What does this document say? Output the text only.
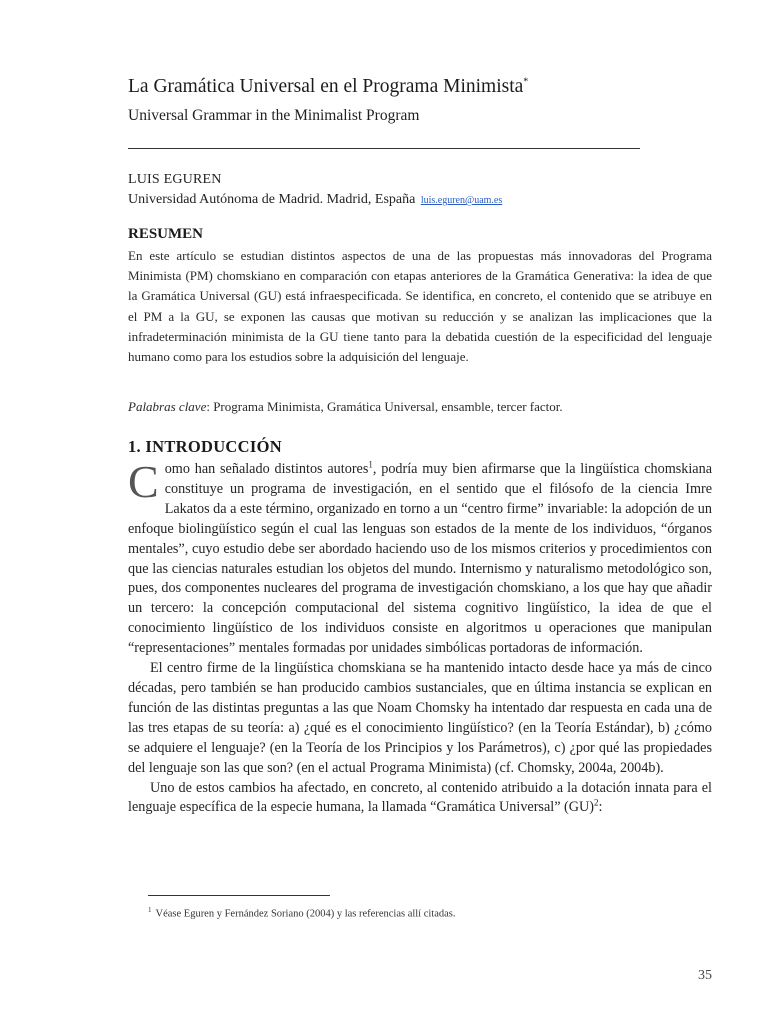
La Gramática Universal en el Programa Minimista*
Universal Grammar in the Minimalist Program
LUIS EGUREN
Universidad Autónoma de Madrid. Madrid, España luis.eguren@uam.es
RESUMEN
En este artículo se estudian distintos aspectos de una de las propuestas más innovadoras del Programa Minimista (PM) chomskiano en comparación con etapas anteriores de la Gramática Generativa: la idea de que la Gramática Universal (GU) está infraespecificada. Se identifica, en concreto, el contenido que se atribuye en el PM a la GU, se exponen las causas que motivan su reducción y se analizan las implicaciones que la infradeterminación minimista de la GU tiene tanto para la debatida cuestión de la especificidad del lenguaje humano como para los estudios sobre la adquisición del lenguaje.
Palabras clave: Programa Minimista, Gramática Universal, ensamble, tercer factor.
1. INTRODUCCIÓN

Como han señalado distintos autores$^1$, podría muy bien afirmarse que la lingüística chomskiana constituye un programa de investigación, en el sentido que el filósofo de la ciencia Imre Lakatos da a este término, organizado en torno a un “centro firme” invariable: la adopción de un enfoque biolingüístico según el cual las lenguas son estados de la mente de los individuos, “órganos mentales”, cuyo estudio debe ser abordado haciendo uso de los mismos criterios y procedimientos con que las ciencias naturales estudian los objetos del mundo. Internismo y naturalismo metodológico son, pues, dos componentes nucleares del programa de investigación chomskiano, a los que hay que añadir un tercero: la concepción computacional del sistema cognitivo lingüístico, la idea de que el conocimiento lingüístico de los individuos consiste en algoritmos u operaciones que manipulan “representaciones” mentales formadas por unidades simbólicas portadoras de información.

El centro firme de la lingüística chomskiana se ha mantenido intacto desde hace ya más de cinco décadas, pero también se han producido cambios sustanciales, que en última instancia se explican en función de las distintas preguntas a las que Noam Chomsky ha intentado dar respuesta en cada una de las tres etapas de su teoría: a) ¿qué es el conocimiento lingüístico? (en la Teoría Estándar), b) ¿cómo se adquiere el lenguaje? (en la Teoría de los Principios y los Parámetros), c) ¿por qué las propiedades del lenguaje son las que son? (en el actual Programa Minimista) (cf. Chomsky, 2004a, 2004b).

Uno de estos cambios ha afectado, en concreto, al contenido atribuido a la dotación innata para el lenguaje específica de la especie humana, la llamada “Gramática Universal” (GU)$^2$:

$^1$ Véase Eguren y Fernández Soriano (2004) y las referencias allí citadas.
35
